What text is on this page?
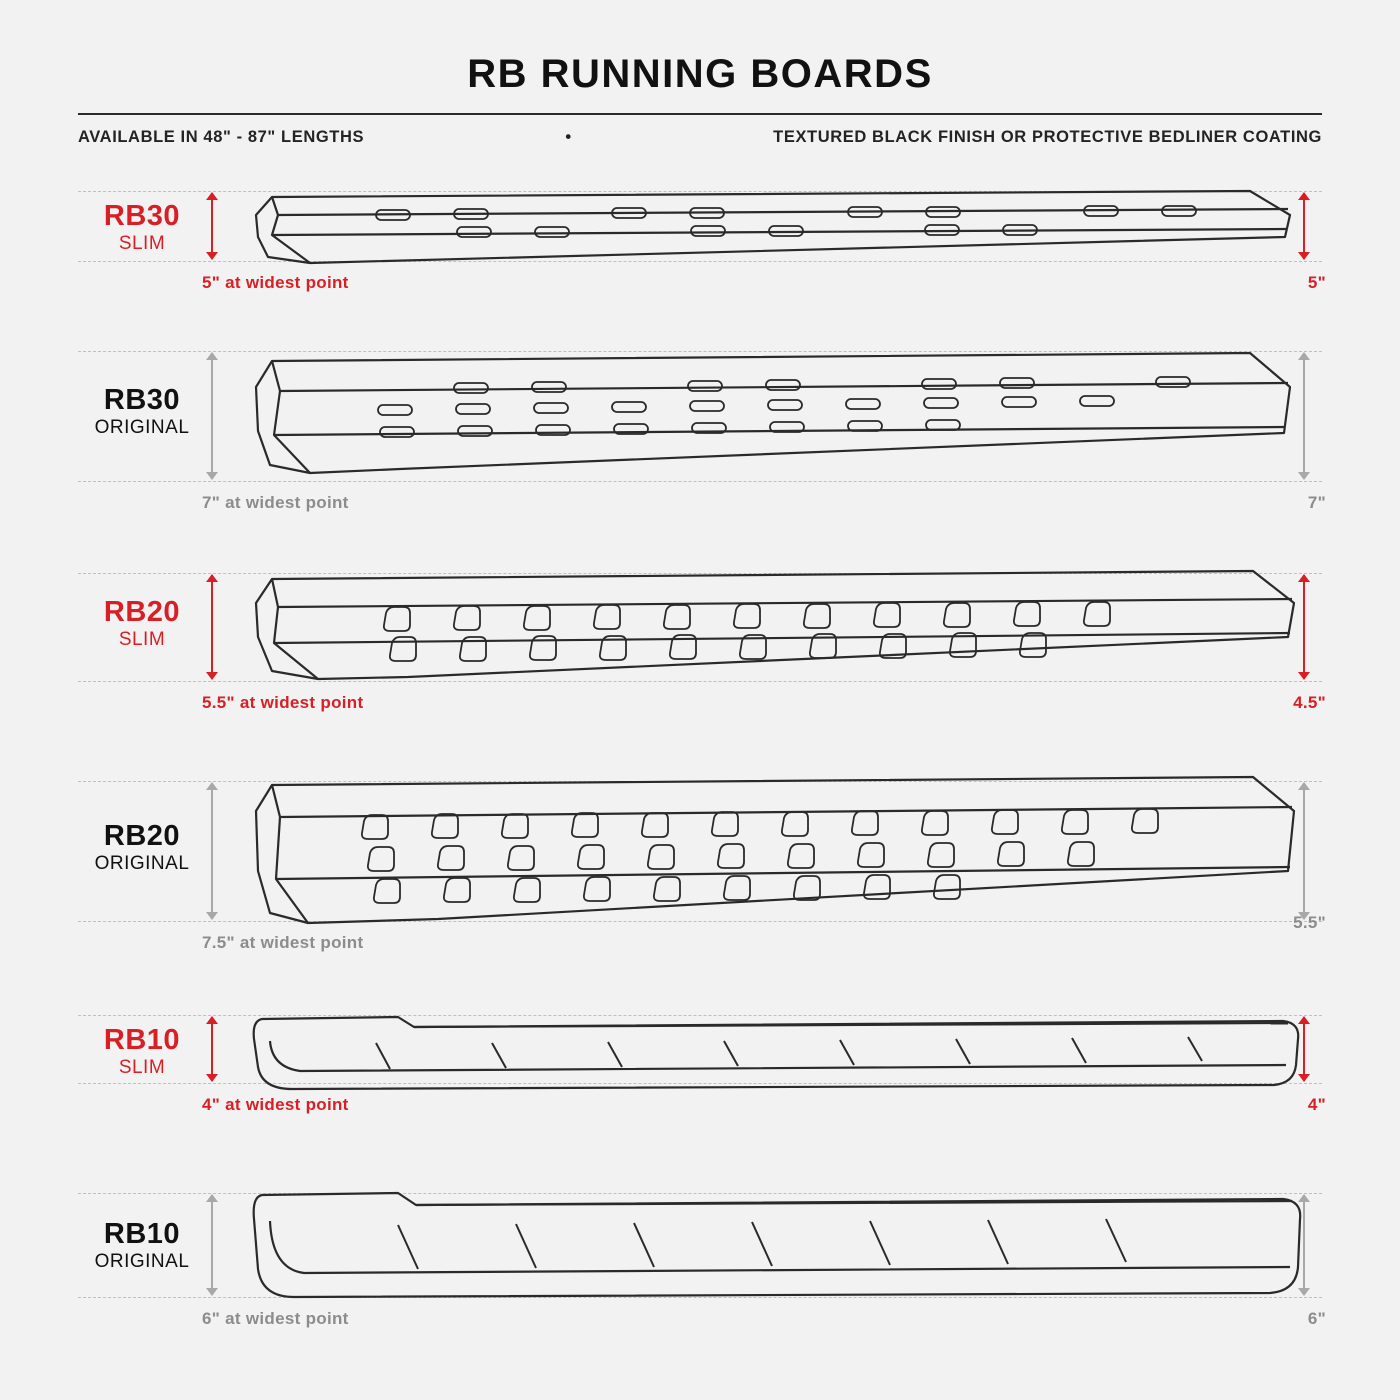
RB RUNNING BOARDS
AVAILABLE IN 48" - 87" LENGTHS	•	TEXTURED BLACK FINISH OR PROTECTIVE BEDLINER COATING
RB30
SLIM
5" at widest point	5"
RB30
ORIGINAL
7" at widest point	7"
RB20
SLIM
5.5" at widest point	4.5"
RB20
ORIGINAL
7.5" at widest point
5.5"
RB10
SLIM
4" at widest point	4"
RB10
ORIGINAL
6" at widest point	6"
